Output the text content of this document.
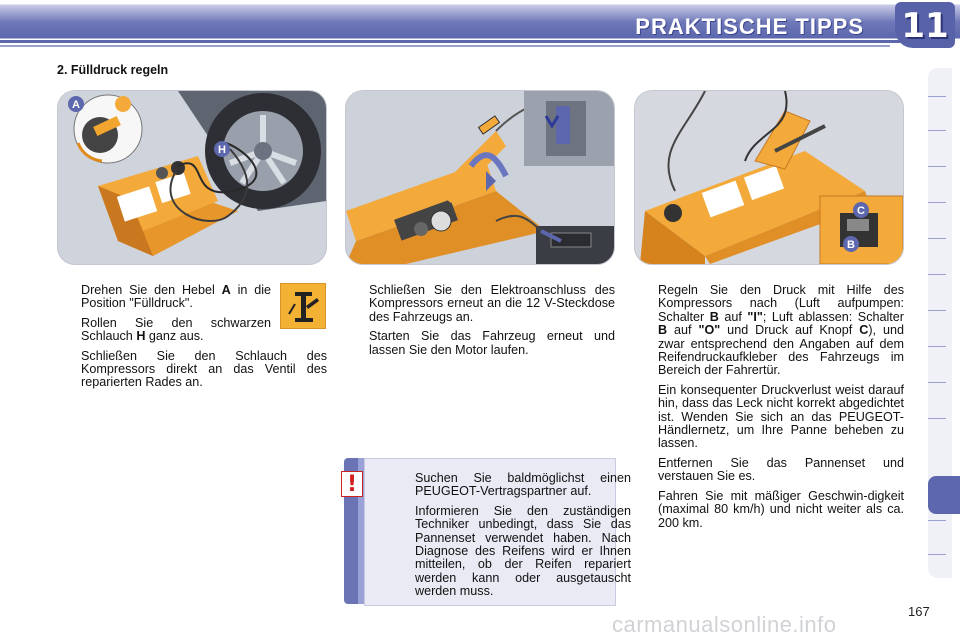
PRAKTISCHE TIPPS 11
2. Fülldruck regeln
A
H
C
B
Drehen Sie den Hebel A in die Position "Fülldruck".
Rollen Sie den schwarzen Schlauch H ganz aus.
Schließen Sie den Schlauch des Kompressors direkt an das Ventil des reparierten Rades an.
Schließen Sie den Elektroanschluss des Kompressors erneut an die 12 V-Steckdose des Fahrzeugs an.
Starten Sie das Fahrzeug erneut und lassen Sie den Motor laufen.
Regeln Sie den Druck mit Hilfe des Kompressors nach (Luft aufpumpen: Schalter B auf "I"; Luft ablassen: Schalter B auf "O" und Druck auf Knopf C), und zwar entsprechend den Angaben auf dem Reifendruckaufkleber des Fahrzeugs im Bereich der Fahrertür.
Ein konsequenter Druckverlust weist darauf hin, dass das Leck nicht korrekt abgedichtet ist. Wenden Sie sich an das PEUGEOT-Händlernetz, um Ihre Panne beheben zu lassen.
Entfernen Sie das Pannenset und verstauen Sie es.
Fahren Sie mit mäßiger Geschwin-digkeit (maximal 80 km/h) und nicht weiter als ca. 200 km.
Suchen Sie baldmöglichst einen PEUGEOT-Vertragspartner auf.
Informieren Sie den zuständigen Techniker unbedingt, dass Sie das Pannenset verwendet haben. Nach Diagnose des Reifens wird er Ihnen mitteilen, ob der Reifen repariert werden kann oder ausgetauscht werden muss.
!
carmanualsonline.info
167
